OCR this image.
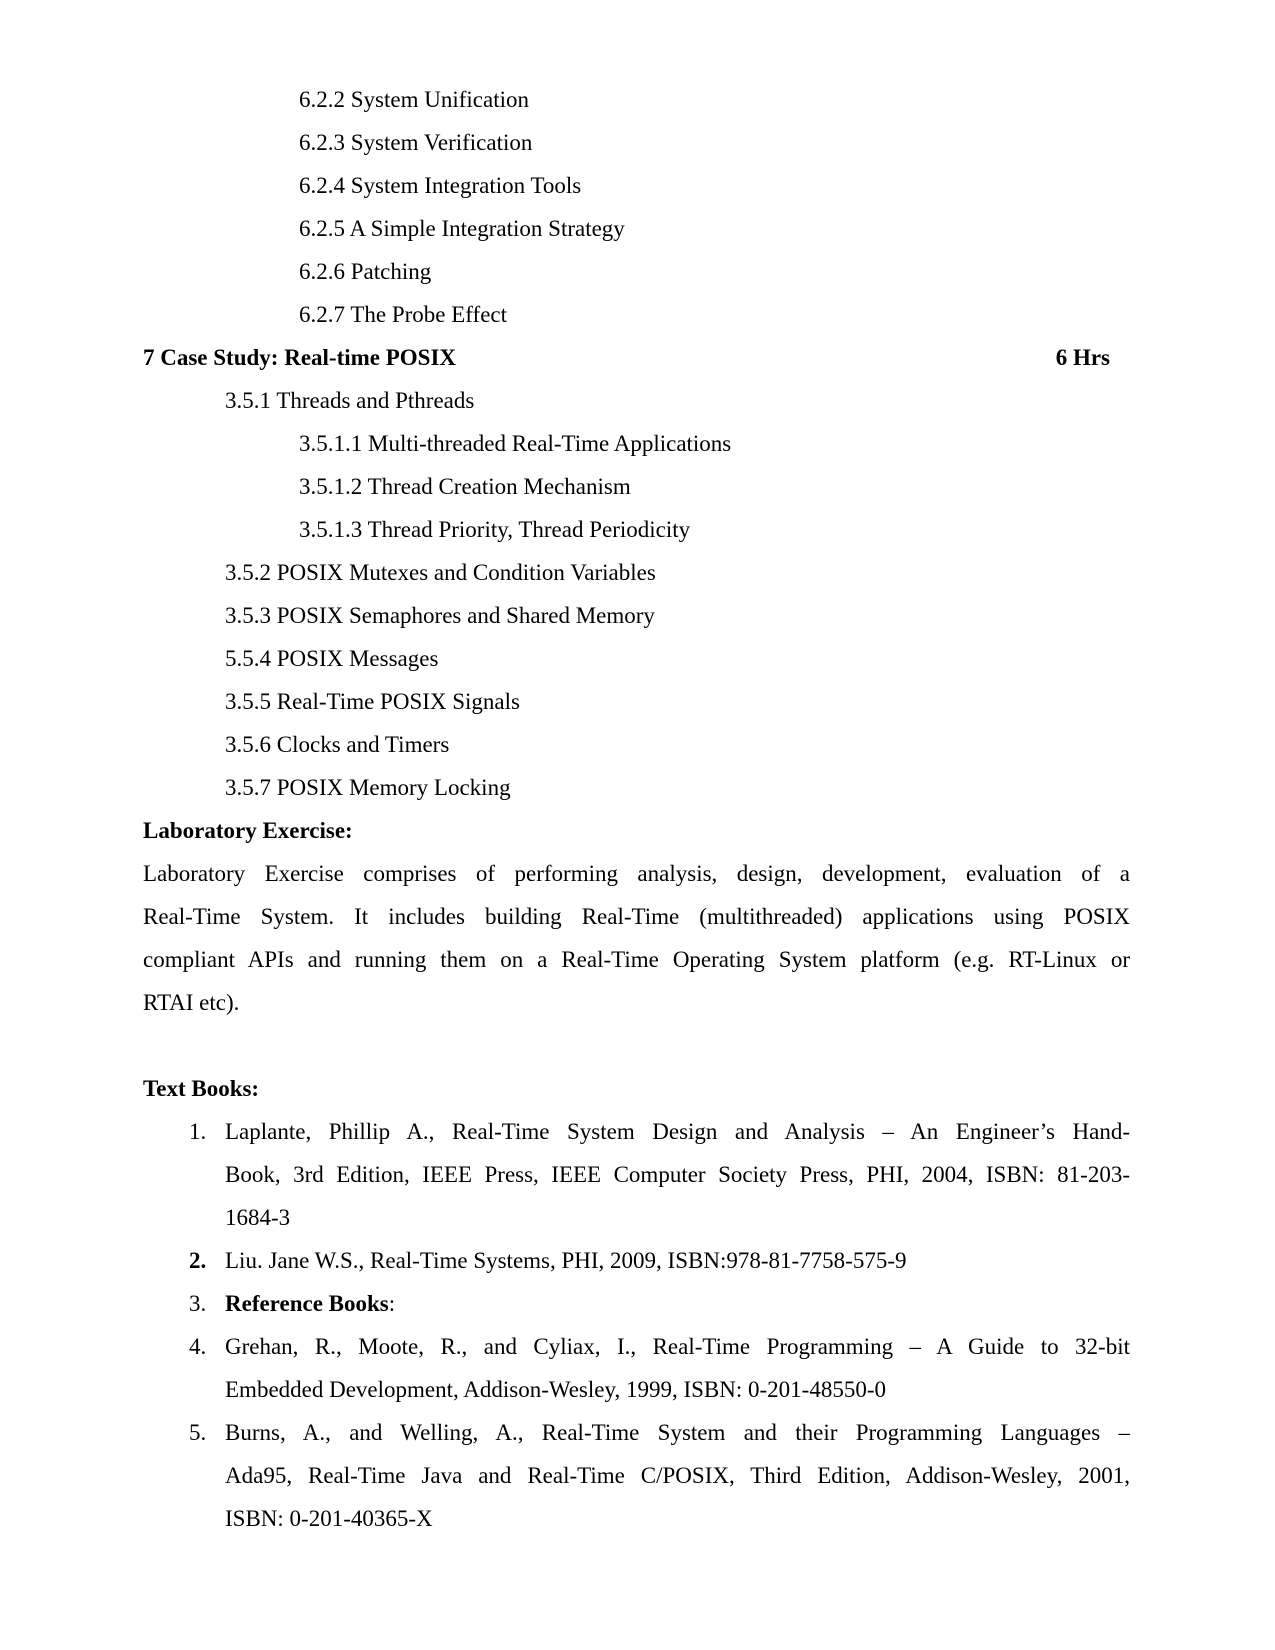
6.2.2 System Unification
6.2.3 System Verification
6.2.4 System Integration Tools
6.2.5 A Simple Integration Strategy
6.2.6 Patching
6.2.7 The Probe Effect
7 Case Study: Real-time POSIX	6 Hrs
3.5.1 Threads and Pthreads
3.5.1.1 Multi-threaded Real-Time Applications
3.5.1.2 Thread Creation Mechanism
3.5.1.3 Thread Priority, Thread Periodicity
3.5.2 POSIX Mutexes and Condition Variables
3.5.3 POSIX Semaphores and Shared Memory
5.5.4 POSIX Messages
3.5.5 Real-Time POSIX Signals
3.5.6 Clocks and Timers
3.5.7 POSIX Memory Locking
Laboratory Exercise:
Laboratory Exercise comprises of performing analysis, design, development, evaluation of a
Real-Time System. It includes building Real-Time (multithreaded) applications using POSIX
compliant APIs and running them on a Real-Time Operating System platform (e.g. RT-Linux or
RTAI etc).
Text Books:
1. Laplante, Phillip A., Real-Time System Design and Analysis – An Engineer’s Hand-
Book, 3rd Edition, IEEE Press, IEEE Computer Society Press, PHI, 2004, ISBN: 81-203-
1684-3
2. Liu. Jane W.S., Real-Time Systems, PHI, 2009, ISBN:978-81-7758-575-9
3. Reference Books:
4. Grehan, R., Moote, R., and Cyliax, I., Real-Time Programming – A Guide to 32-bit
Embedded Development, Addison-Wesley, 1999, ISBN: 0-201-48550-0
5. Burns, A., and Welling, A., Real-Time System and their Programming Languages –
Ada95, Real-Time Java and Real-Time C/POSIX, Third Edition, Addison-Wesley, 2001,
ISBN: 0-201-40365-X
